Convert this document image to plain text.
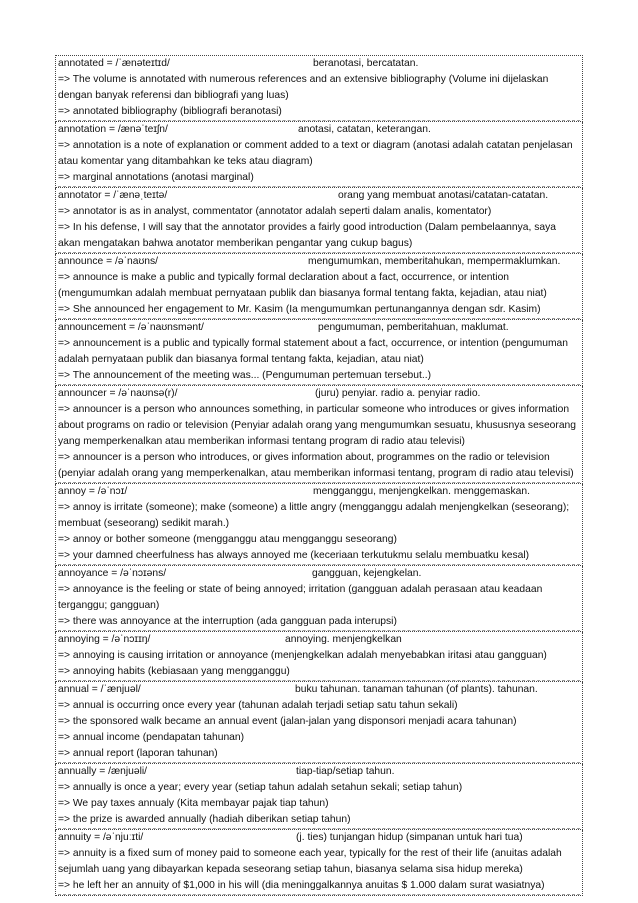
annotated = /ˈænəteɪtɪd/	beranotasi, bercatatan.
=> The volume is annotated with numerous references and an extensive bibliography (Volume ini dijelaskan dengan banyak referensi dan bibliografi yang luas)
=> annotated bibliography (bibliografi beranotasi)
annotation = /ænəˈteɪʃn/	anotasi, catatan, keterangan.
=> annotation is a note of explanation or comment added to a text or diagram (anotasi adalah catatan penjelasan atau komentar yang ditambahkan ke teks atau diagram)
=> marginal annotations (anotasi marginal)
annotator = /ˈænəˌteɪtə/	orang yang membuat anotasi/catatan-catatan.
=> annotator is as in analyst, commentator (annotator adalah seperti dalam analis, komentator)
=> In his defense, I will say that the annotator provides a fairly good introduction (Dalam pembelaannya, saya akan mengatakan bahwa anotator memberikan pengantar yang cukup bagus)
announce = /əˈnaʊns/	mengumumkan, memberitahukan, mempermaklumkan.
=> announce is make a public and typically formal declaration about a fact, occurrence, or intention (mengumumkan adalah membuat pernyataan publik dan biasanya formal tentang fakta, kejadian, atau niat)
=> She announced her engagement to Mr. Kasim (Ia mengumumkan pertunangannya dengan sdr. Kasim)
announcement = /əˈnaʊnsmənt/	pengumuman, pemberitahuan, maklumat.
=> announcement is a public and typically formal statement about a fact, occurrence, or intention (pengumuman adalah pernyataan publik dan biasanya formal tentang fakta, kejadian, atau niat)
=> The announcement of the meeting was... (Pengumuman pertemuan tersebut..)
announcer = /əˈnaʊnsə(r)/	(juru) penyiar. radio a. penyiar radio.
=> announcer is a person who announces something, in particular someone who introduces or gives information about programs on radio or television (Penyiar adalah orang yang mengumumkan sesuatu, khususnya seseorang yang memperkenalkan atau memberikan informasi tentang program di radio atau televisi)
=> announcer is a person who introduces, or gives information about, programmes on the radio or television (penyiar adalah orang yang memperkenalkan, atau memberikan informasi tentang, program di radio atau televisi)
annoy = /əˈnɔɪ/	mengganggu, menjengkelkan. menggemaskan.
=> annoy is irritate (someone); make (someone) a little angry (mengganggu adalah menjengkelkan (seseorang); membuat (seseorang) sedikit marah.)
=> annoy or bother someone (mengganggu atau mengganggu seseorang)
=> your damned cheerfulness has always annoyed me (keceriaan terkutukmu selalu membuatku kesal)
annoyance = /əˈnɔɪəns/	gangguan, kejengkelan.
=> annoyance is the feeling or state of being annoyed; irritation (gangguan adalah perasaan atau keadaan terganggu; gangguan)
=> there was annoyance at the interruption (ada gangguan pada interupsi)
annoying = /əˈnɔɪɪŋ/	annoying. menjengkelkan
=> annoying is causing irritation or annoyance (menjengkelkan adalah menyebabkan iritasi atau gangguan)
=> annoying habits (kebiasaan yang mengganggu)
annual = /ˈænjuəl/	buku tahunan. tanaman tahunan (of plants). tahunan.
=> annual is occurring once every year (tahunan adalah terjadi setiap satu tahun sekali)
=> the sponsored walk became an annual event (jalan-jalan yang disponsori menjadi acara tahunan)
=> annual income (pendapatan tahunan)
=> annual report (laporan tahunan)
annually = /ænjuəli/	tiap-tiap/setiap tahun.
=> annually is once a year; every year (setiap tahun adalah setahun sekali; setiap tahun)
=> We pay taxes annualy (Kita membayar pajak tiap tahun)
=> the prize is awarded annually (hadiah diberikan setiap tahun)
annuity = /əˈnjuːɪti/	(j. ties) tunjangan hidup (simpanan untuk hari tua)
=> annuity is a fixed sum of money paid to someone each year, typically for the rest of their life (anuitas adalah sejumlah uang yang dibayarkan kepada seseorang setiap tahun, biasanya selama sisa hidup mereka)
=> he left her an annuity of $1,000 in his will (dia meninggalkannya anuitas $ 1.000 dalam surat wasiatnya)
